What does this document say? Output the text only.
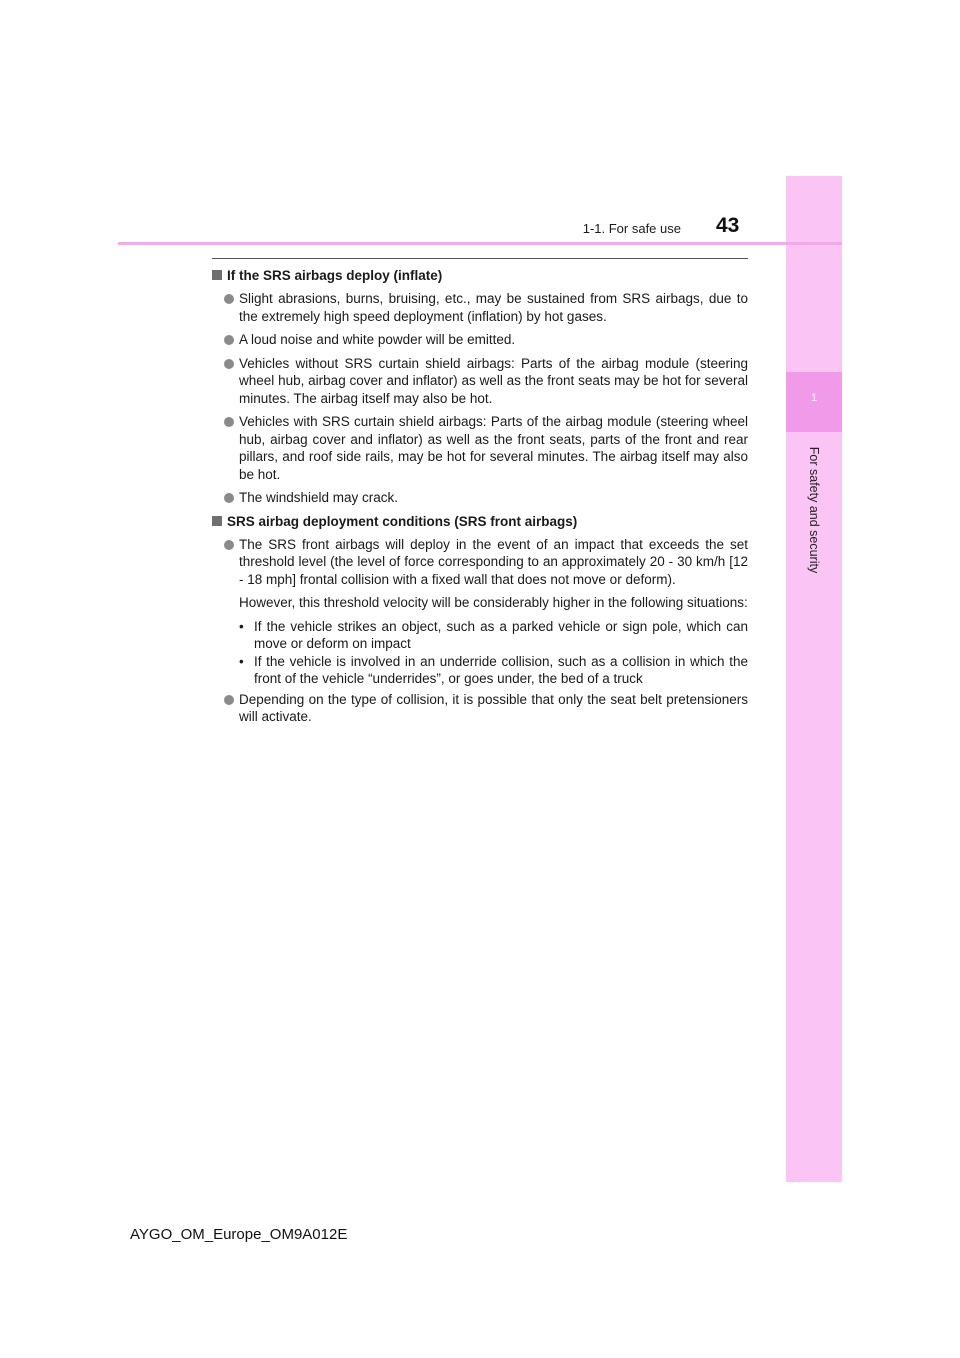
1
For safety and security
1-1. For safe use 43
If the SRS airbags deploy (inflate)
Slight abrasions, burns, bruising, etc., may be sustained from SRS airbags, due to the extremely high speed deployment (inflation) by hot gases.
A loud noise and white powder will be emitted.
Vehicles without SRS curtain shield airbags: Parts of the airbag module (steering wheel hub, airbag cover and inflator) as well as the front seats may be hot for several minutes. The airbag itself may also be hot.
Vehicles with SRS curtain shield airbags: Parts of the airbag module (steering wheel hub, airbag cover and inflator) as well as the front seats, parts of the front and rear pillars, and roof side rails, may be hot for several minutes. The airbag itself may also be hot.
The windshield may crack.
SRS airbag deployment conditions (SRS front airbags)
The SRS front airbags will deploy in the event of an impact that exceeds the set threshold level (the level of force corresponding to an approximately 20 - 30 km/h [12 - 18 mph] frontal collision with a fixed wall that does not move or deform).
However, this threshold velocity will be considerably higher in the following situations:
• If the vehicle strikes an object, such as a parked vehicle or sign pole, which can move or deform on impact
• If the vehicle is involved in an underride collision, such as a collision in which the front of the vehicle “underrides”, or goes under, the bed of a truck
Depending on the type of collision, it is possible that only the seat belt pretensioners will activate.
AYGO_OM_Europe_OM9A012E
